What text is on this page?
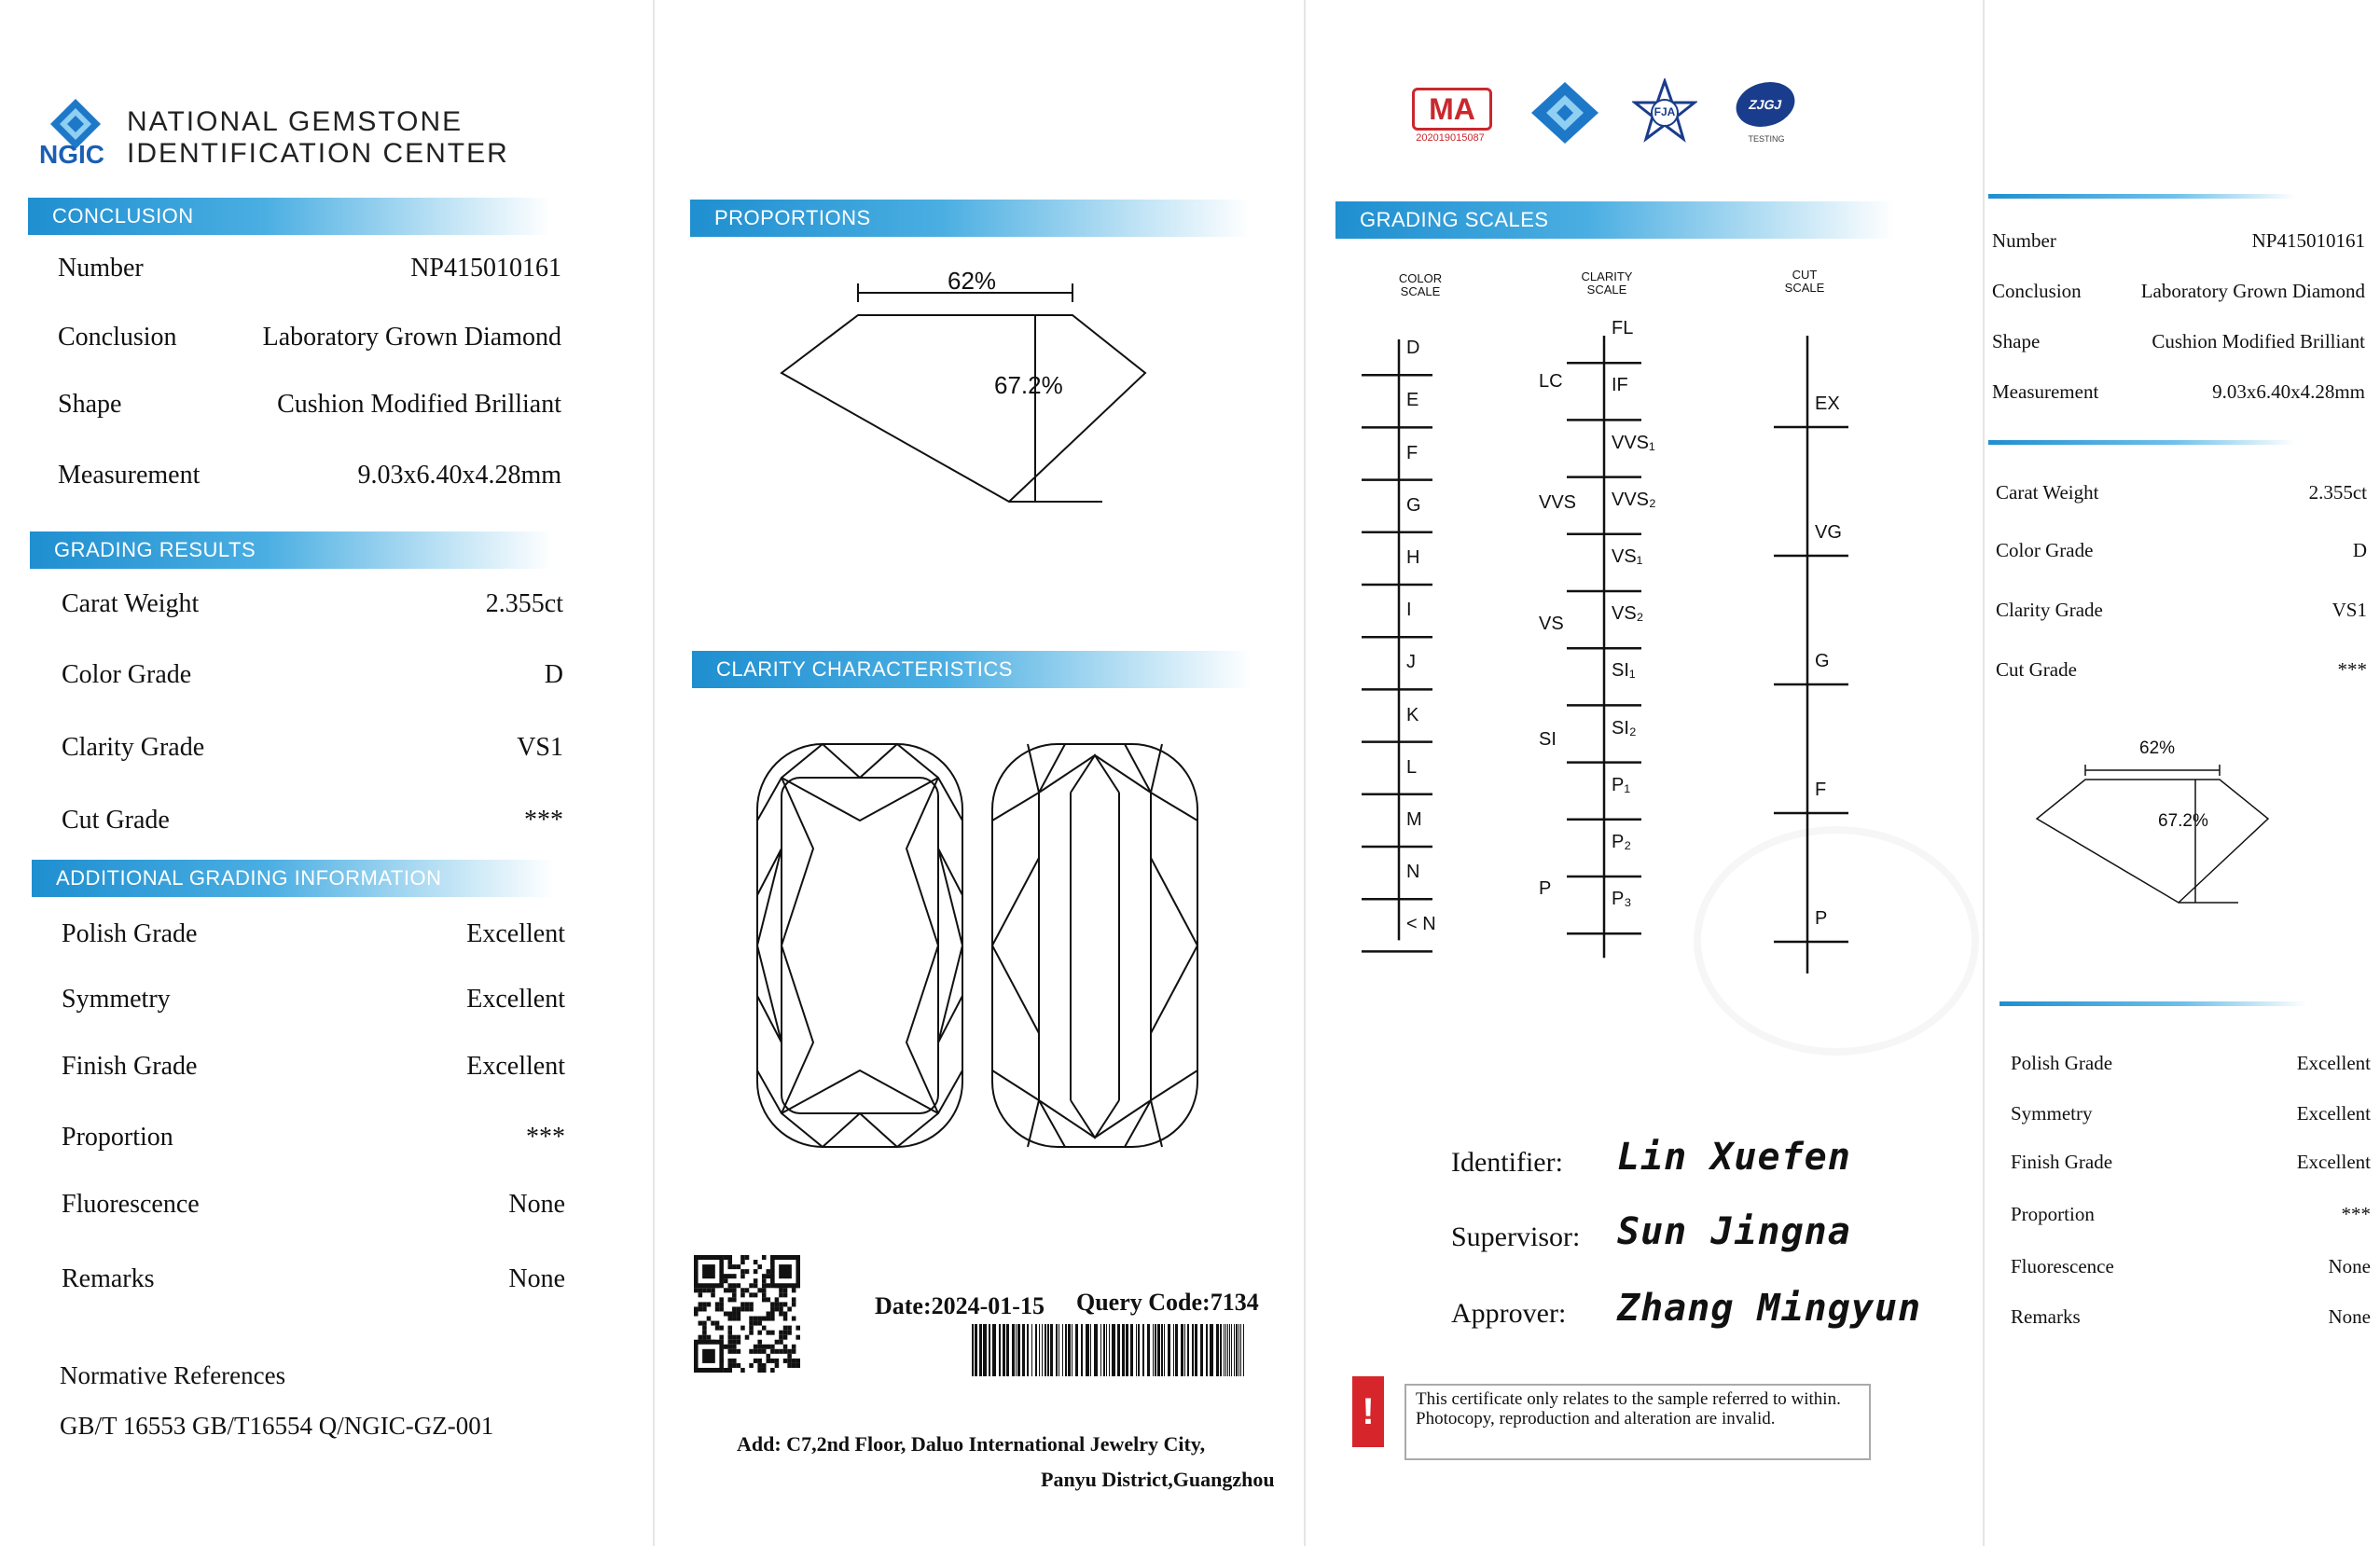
NGIC
NATIONAL GEMSTONE
IDENTIFICATION CENTER
CONCLUSION
Number	NP415010161
Conclusion	Laboratory Grown Diamond
Shape	Cushion Modified Brilliant
Measurement	9.03x6.40x4.28mm
GRADING RESULTS
Carat Weight	2.355ct
Color Grade	D
Clarity Grade	VS1
Cut Grade	***
ADDITIONAL GRADING INFORMATION
Polish Grade	Excellent
Symmetry	Excellent
Finish Grade	Excellent
Proportion	***
Fluorescence	None
Remarks	None
Normative References
GB/T 16553 GB/T16554 Q/NGIC-GZ-001
PROPORTIONS
62%
67.2%
CLARITY CHARACTERISTICS
Date:2024-01-15 Query Code:7134
Add: C7,2nd Floor, Daluo International Jewelry City,
Panyu District,Guangzhou
MA
202019015087
FJA	ZJGJ
TESTING
GRADING SCALES
COLOR
SCALE
CLARITY
SCALE
CUT
SCALE
D
E
F
G
H
I
J
K
L
M
N
< N
FL
IF
VVS₁
VVS₂
VS₁
VS₂
SI₁
SI₂
P₁
P₂
P₃
LC
VVS
VS
SI
P
EX
VG
G
F
P
Identifier: Lin Xuefen
Supervisor: Sun Jingna
Approver: Zhang Mingyun
!	This certificate only relates to the sample referred to within. Photocopy, reproduction and alteration are invalid.
Number	NP415010161
Conclusion	Laboratory Grown Diamond
Shape	Cushion Modified Brilliant
Measurement	9.03x6.40x4.28mm
Carat Weight	2.355ct
Color Grade	D
Clarity Grade	VS1
Cut Grade	***
62%
67.2%
Polish Grade	Excellent
Symmetry	Excellent
Finish Grade	Excellent
Proportion	***
Fluorescence	None
Remarks	None
